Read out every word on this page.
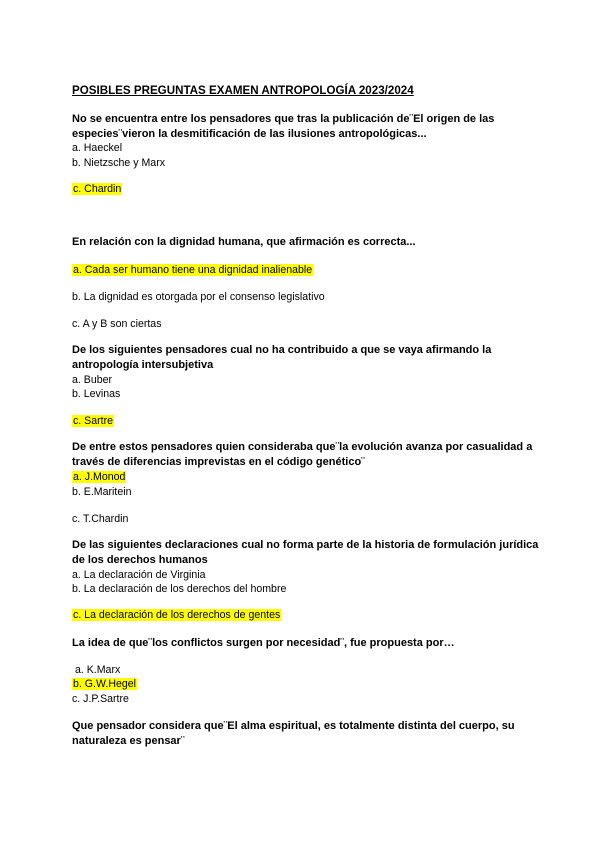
POSIBLES PREGUNTAS EXAMEN ANTROPOLOGÍA 2023/2024
No se encuentra entre los pensadores que tras la publicación de¨El origen de las especies¨vieron la desmitificación de las ilusiones antropológicas...
a. Haeckel
b. Nietzsche y Marx
c. Chardin
En relación con la dignidad humana, que afirmación es correcta...
a. Cada ser humano tiene una dignidad inalienable
b. La dignidad es otorgada por el consenso legislativo
c. A y B son ciertas
De los siguientes pensadores cual no ha contribuido a que se vaya afirmando la antropología intersubjetiva
a. Buber
b. Levinas
c. Sartre
De entre estos pensadores quien consideraba que¨la evolución avanza por casualidad a través de diferencias imprevistas en el código genético¨
a. J.Monod
b. E.Maritein
c. T.Chardin
De las siguientes declaraciones cual no forma parte de la historia de formulación jurídica de los derechos humanos
a. La declaración de Virginia
b. La declaración de los derechos del hombre
c. La declaración de los derechos de gentes
La idea de que¨los conflictos surgen por necesidad¨, fue propuesta por…
a. K.Marx
b. G.W.Hegel
c. J.P.Sartre
Que pensador considera que¨El alma espiritual, es totalmente distinta del cuerpo, su naturaleza es pensar¨
